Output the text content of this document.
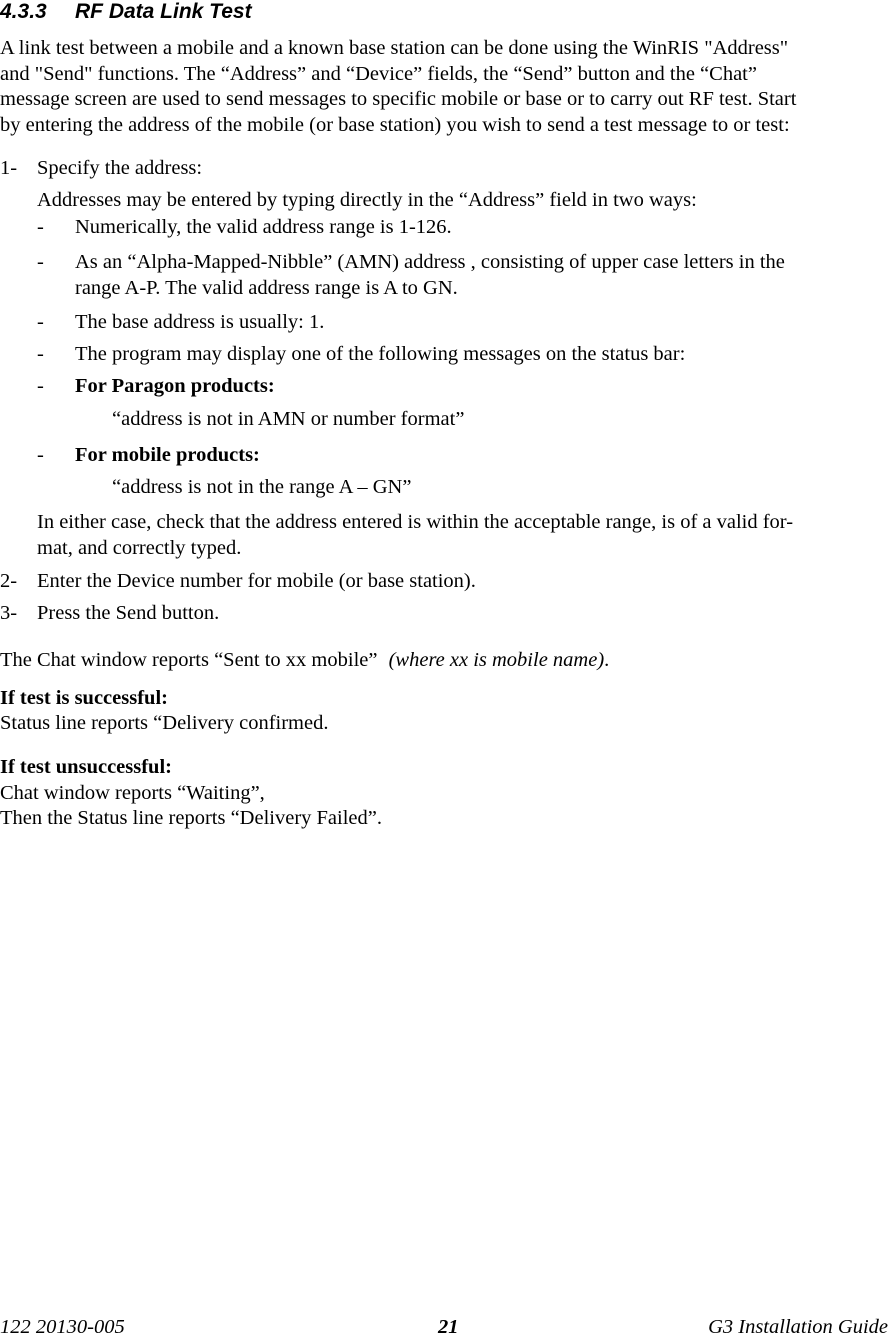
4.3.3 RF Data Link Test
A link test between a mobile and a known base station can be done using the WinRIS "Address"
and "Send" functions. The “Address” and “Device” fields, the “Send” button and the “Chat”
message screen are used to send messages to specific mobile or base or to carry out RF test. Start
by entering the address of the mobile (or base station) you wish to send a test message to or test:
1- Specify the address:
Addresses may be entered by typing directly in the “Address” field in two ways:
- Numerically, the valid address range is 1-126.
- As an “Alpha-Mapped-Nibble” (AMN) address , consisting of upper case letters in the
range A-P. The valid address range is A to GN.
- The base address is usually: 1.
- The program may display one of the following messages on the status bar:
- For Paragon products:
“address is not in AMN or number format”
- For mobile products:
“address is not in the range A – GN”
In either case, check that the address entered is within the acceptable range, is of a valid for-
mat, and correctly typed.
2- Enter the Device number for mobile (or base station).
3- Press the Send button.
The Chat window reports “Sent to xx mobile” (where xx is mobile name).
If test is successful:
Status line reports “Delivery confirmed.
If test unsuccessful:
Chat window reports “Waiting”,
Then the Status line reports “Delivery Failed”.
122 20130-005	21	G3 Installation Guide
